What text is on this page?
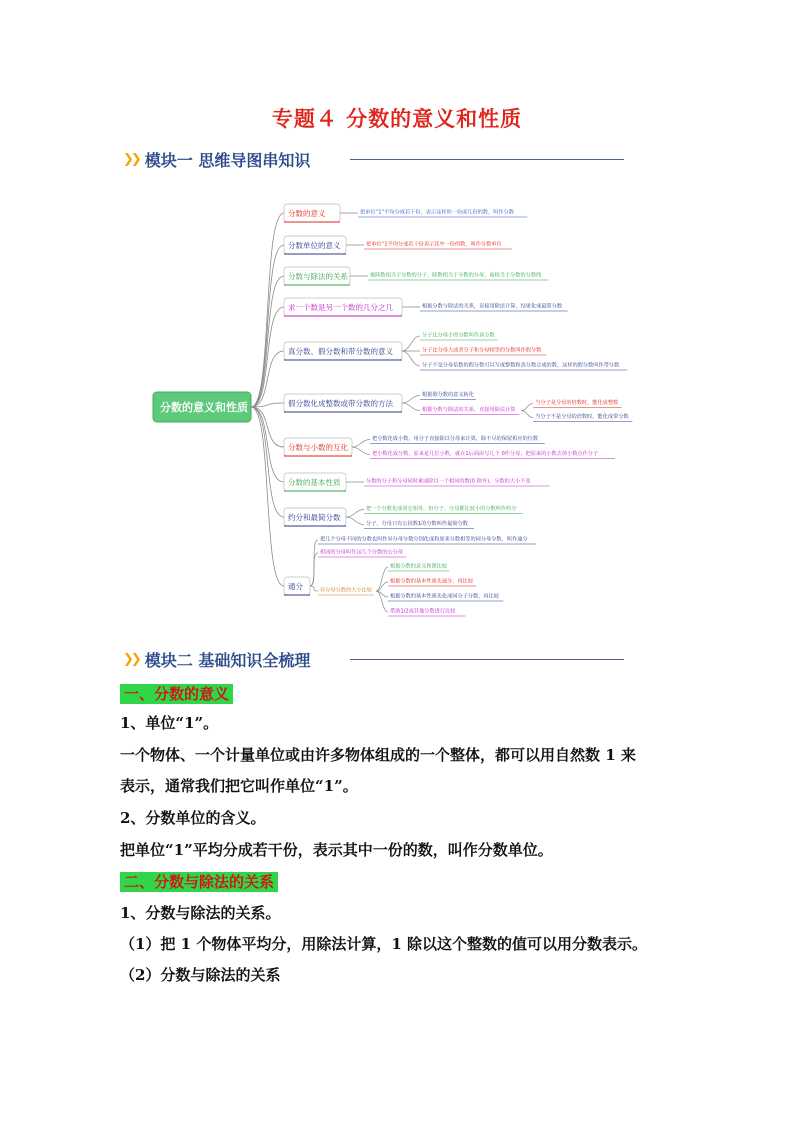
专题４ 分数的意义和性质
❯❯ 模块一 思维导图串知识
分数的意义和性质
分数的意义	把单位“1”平均分成若干份，表示这样的一份或几份的数，叫作分数
分数单位的意义	把单位“1平均分成若干份表示其中一份的数，叫作分数单位
分数与除法的关系	被除数相当于分数的分子，除数相当于分数的分母，商相当于分数的分数线
求一个数是另一个数的几分之几	根据分数与除法的关系，直接用除法计算，结果化成最简分数
真分数、假分数和带分数的意义
分子比分母小的分数叫作真分数
分子比分母大或者分子和分母相等的分数叫作假分数
分子不是分母倍数的假分数可以写成整数和真分数合成的数，这样的假分数叫作带分数
假分数化成整数或带分数的方法
根据假分数的意义转化
根据分数与除法的关系，直接用除法计算
当分子是分母的倍数时，能化成整数
当分子不是分母的倍数时，能化成带分数
分数与小数的互化
把分数化成小数，用分子直接除以分母来计算，除不尽的保留相应的位数
把小数化成分数，原来是几位小数，就在1后面添写几个 0作分母，把原来的小数去掉小数点作分子
分数的基本性质	分数的分子和分母同时乘或除以一个相同的数(0 除外)，分数的大小不变
约分和最简分数
把一个分数化成同它相等，但分子、分母都比较小的分数叫作约分
分子、分母只有公因数1的分数叫作最简分数
通分
把几个分母不同的分数也叫作异分母分数分别化成和原来分数相等的同分母分数，叫作通分
相同的分母叫作这几个分数的公分母
异分母分数的大小比较
根据分数的意义和图比较
根据分数的基本性质先通分，再比较
根据分数的基本性质先化成同分子分数，再比较
借助1/2或其他分数进行比较
❯❯ 模块二 基础知识全梳理
一、分数的意义
1、单位“1”。
一个物体、一个计量单位或由许多物体组成的一个整体，都可以用自然数 1 来
表示，通常我们把它叫作单位“1”。
2、分数单位的含义。
把单位“1”平均分成若干份，表示其中一份的数，叫作分数单位。
二、分数与除法的关系
1、分数与除法的关系。
（1）把 1 个物体平均分，用除法计算，1 除以这个整数的值可以用分数表示。
（2）分数与除法的关系
